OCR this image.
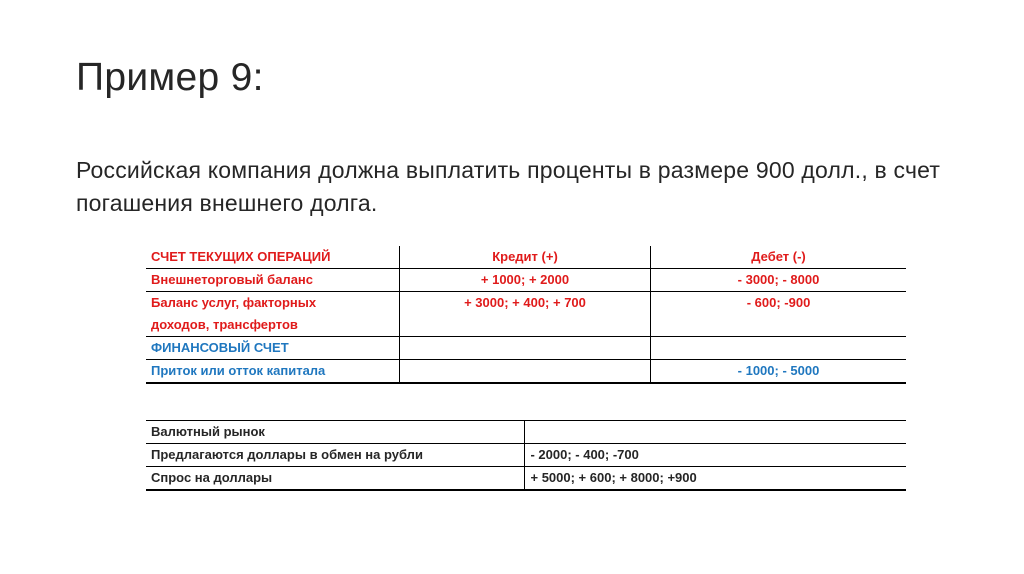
Пример 9:

Российская компания должна выплатить проценты в размере 900 долл., в счет погашения внешнего долга.

СЧЕТ ТЕКУЩИХ ОПЕРАЦИЙ	Кредит (+)	Дебет (-)
Внешнеторговый баланс	+ 1000; + 2000	- 3000; - 8000

Баланс услуг, факторных
доходов, трансфертов	+ 3000; + 400; + 700	- 600; -900
ФИНАНСОВЫЙ СЧЕТ		
Приток или отток капитала		- 1000; - 5000
Валютный рынок	
Предлагаются доллары в обмен на рубли	- 2000; - 400; -700
Спрос на доллары	+ 5000; + 600; + 8000; +900
